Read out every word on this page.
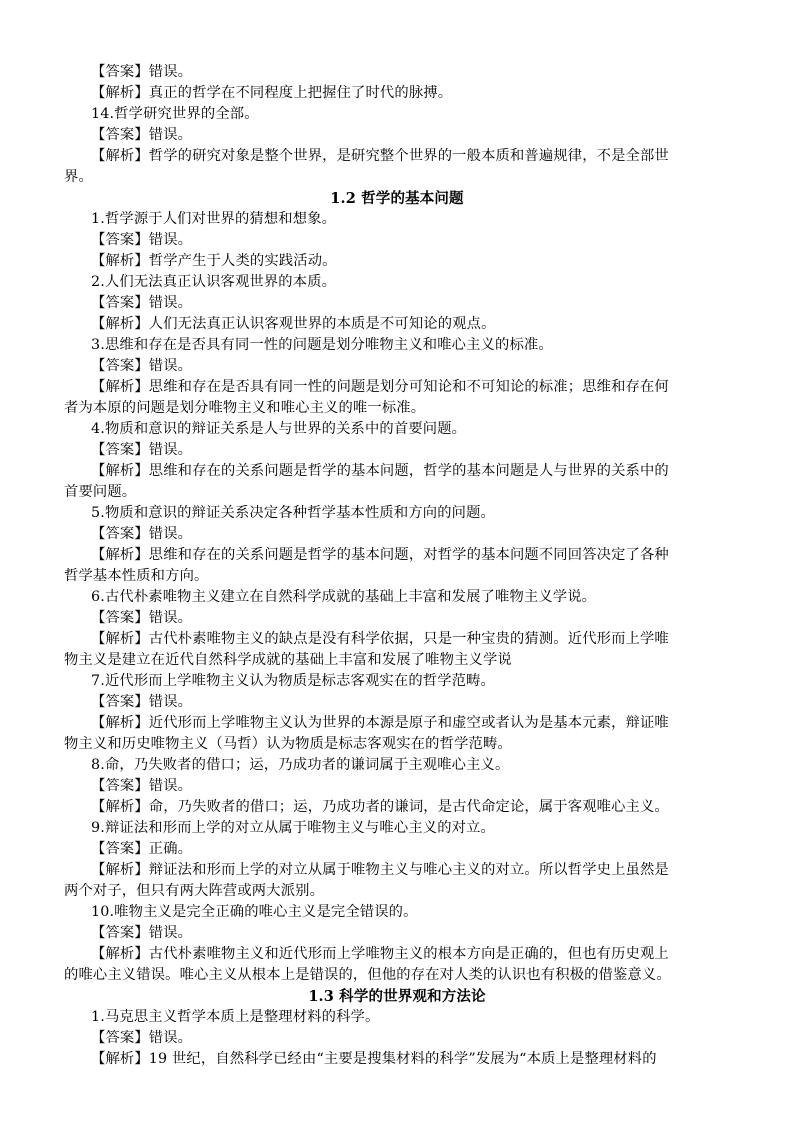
【答案】错误。
【解析】真正的哲学在不同程度上把握住了时代的脉搏。
14.哲学研究世界的全部。
【答案】错误。
【解析】哲学的研究对象是整个世界，是研究整个世界的一般本质和普遍规律，不是全部世
界。
1.2 哲学的基本问题
1.哲学源于人们对世界的猜想和想象。
【答案】错误。
【解析】哲学产生于人类的实践活动。
2.人们无法真正认识客观世界的本质。
【答案】错误。
【解析】人们无法真正认识客观世界的本质是不可知论的观点。
3.思维和存在是否具有同一性的问题是划分唯物主义和唯心主义的标准。
【答案】错误。
【解析】思维和存在是否具有同一性的问题是划分可知论和不可知论的标准；思维和存在何
者为本原的问题是划分唯物主义和唯心主义的唯一标准。
4.物质和意识的辩证关系是人与世界的关系中的首要问题。
【答案】错误。
【解析】思维和存在的关系问题是哲学的基本问题，哲学的基本问题是人与世界的关系中的
首要问题。
5.物质和意识的辩证关系决定各种哲学基本性质和方向的问题。
【答案】错误。
【解析】思维和存在的关系问题是哲学的基本问题，对哲学的基本问题不同回答决定了各种
哲学基本性质和方向。
6.古代朴素唯物主义建立在自然科学成就的基础上丰富和发展了唯物主义学说。
【答案】错误。
【解析】古代朴素唯物主义的缺点是没有科学依据，只是一种宝贵的猜测。近代形而上学唯
物主义是建立在近代自然科学成就的基础上丰富和发展了唯物主义学说
7.近代形而上学唯物主义认为物质是标志客观实在的哲学范畴。
【答案】错误。
【解析】近代形而上学唯物主义认为世界的本源是原子和虚空或者认为是基本元素，辩证唯
物主义和历史唯物主义（马哲）认为物质是标志客观实在的哲学范畴。
8.命，乃失败者的借口；运，乃成功者的谦词属于主观唯心主义。
【答案】错误。
【解析】命，乃失败者的借口；运，乃成功者的谦词，是古代命定论，属于客观唯心主义。
9.辩证法和形而上学的对立从属于唯物主义与唯心主义的对立。
【答案】正确。
【解析】辩证法和形而上学的对立从属于唯物主义与唯心主义的对立。所以哲学史上虽然是
两个对子，但只有两大阵营或两大派别。
10.唯物主义是完全正确的唯心主义是完全错误的。
【答案】错误。
【解析】古代朴素唯物主义和近代形而上学唯物主义的根本方向是正确的，但也有历史观上
的唯心主义错误。唯心主义从根本上是错误的，但他的存在对人类的认识也有积极的借鉴意义。
1.3 科学的世界观和方法论
1.马克思主义哲学本质上是整理材料的科学。
【答案】错误。
【解析】19 世纪，自然科学已经由“主要是搜集材料的科学”发展为“本质上是整理材料的
